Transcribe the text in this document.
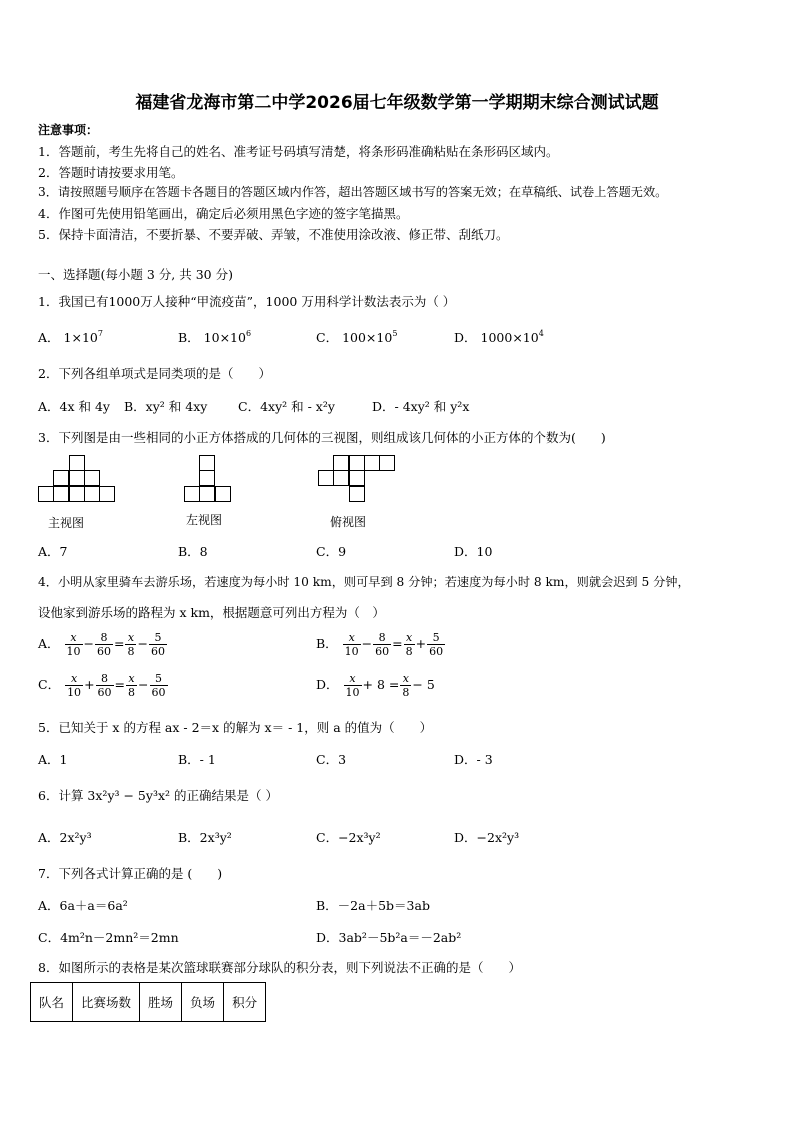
福建省龙海市第二中学2026届七年级数学第一学期期末综合测试试题
注意事项：
1．答题前，考生先将自己的姓名、准考证号码填写清楚，将条形码准确粘贴在条形码区域内。
2．答题时请按要求用笔。
3．请按照题号顺序在答题卡各题目的答题区域内作答，超出答题区域书写的答案无效；在草稿纸、试卷上答题无效。
4．作图可先使用铅笔画出，确定后必须用黑色字迹的签字笔描黑。
5．保持卡面清洁，不要折暴、不要弄破、弄皱，不准使用涂改液、修正带、刮纸刀。
一、选择题(每小题 3 分, 共 30 分)
1．我国已有1000万人接种“甲流疫苗”，1000 万用科学计数法表示为（ ）
A． $1\times 10^7$	B． $10\times 10^6$	C． $100\times 10^5$	D． $1000\times 10^4$
2．下列各组单项式是同类项的是（　　）
A．4x 和 4y B．xy² 和 4xy C．4xy² 和 - x²y	D．- 4xy² 和 y²x
3．下列图是由一些相同的小正方体搭成的几何体的三视图，则组成该几何体的小正方体的个数为(　　)
主视图	左视图	俯视图
A．7	B．8	C．9	D．10
4．小明从家里骑车去游乐场，若速度为每小时 10 km，则可早到 8 分钟；若速度为每小时 8 km，则就会迟到 5 分钟，
设他家到游乐场的路程为 x km，根据题意可列出方程为（　）
A． $\frac{x}{10} - \frac{8}{60} = \frac{x}{8} - \frac{5}{60}$	B． $\frac{x}{10} - \frac{8}{60} = \frac{x}{8} + \frac{5}{60}$
C． $\frac{x}{10} + \frac{8}{60} = \frac{x}{8} - \frac{5}{60}$	D． $\frac{x}{10} + 8 = \frac{x}{8} - 5$
5．已知关于 x 的方程 ax - 2＝x 的解为 x＝ - 1，则 a 的值为（　　）
A．1	B．- 1	C．3	D．- 3
6．计算 3x²y³ − 5y³x² 的正确结果是（ ）
A．2x²y³	B．2x³y²	C．−2x³y²	D．−2x²y³
7．下列各式计算正确的是 (　　)
A．6a＋a＝6a²	B．－2a＋5b＝3ab
C．4m²n－2mn²＝2mn	D．3ab²－5b²a＝－2ab²
8．如图所示的表格是某次篮球联赛部分球队的积分表，则下列说法不正确的是（　　）
队名	比赛场数	胜场	负场	积分
